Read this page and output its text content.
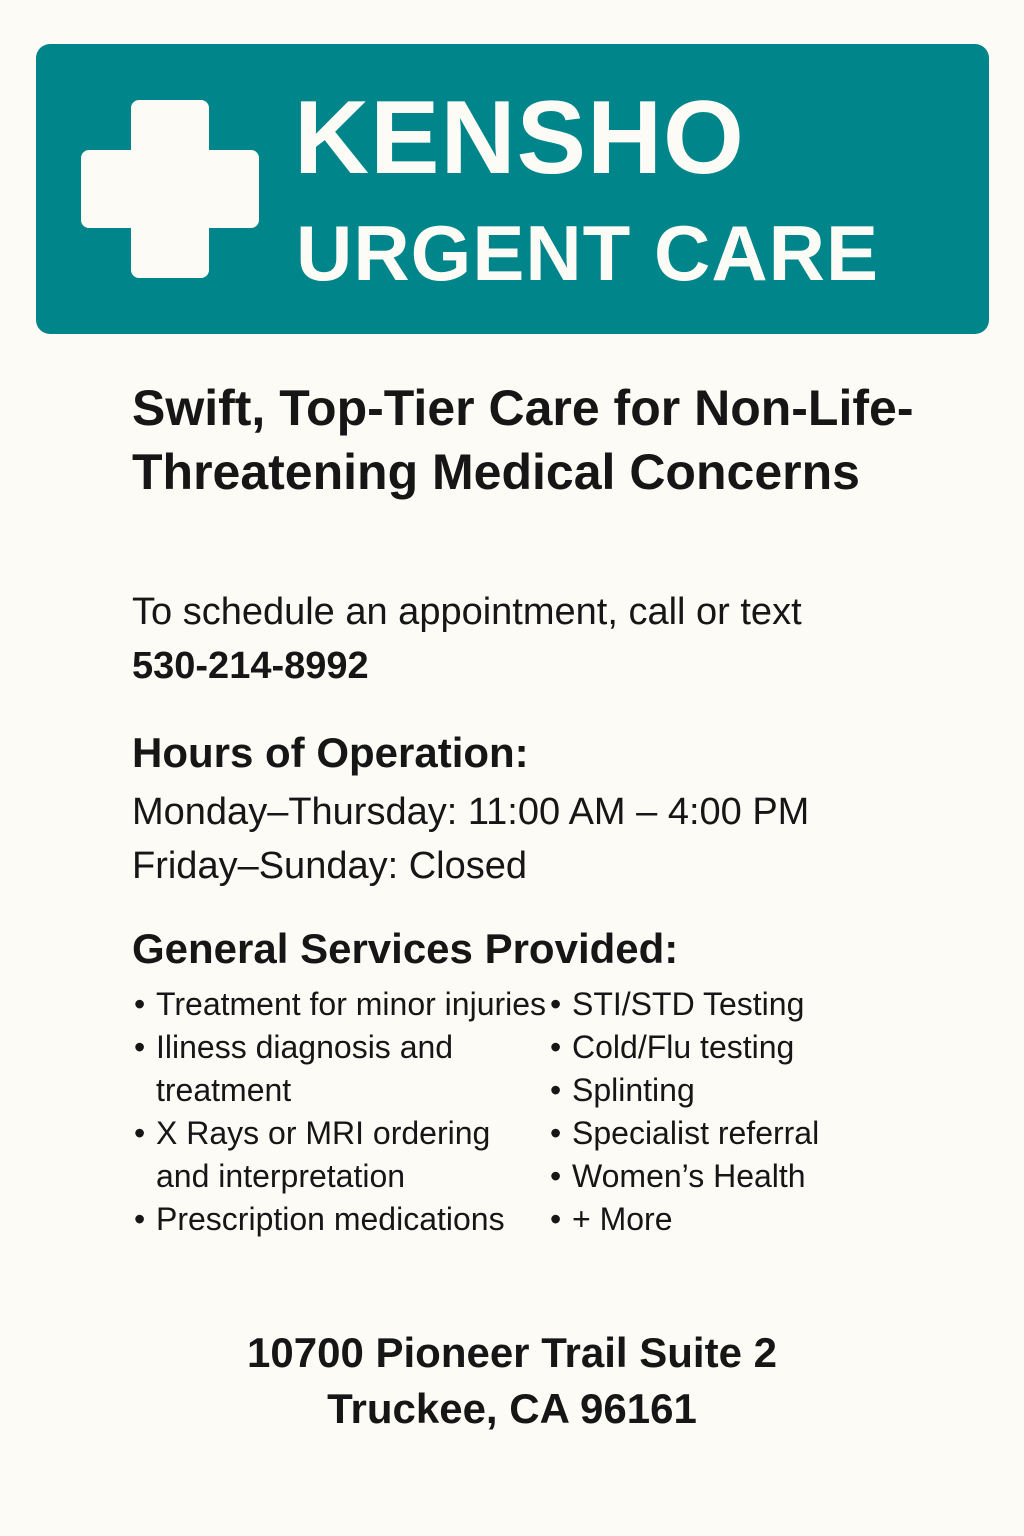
KENSHO
URGENT CARE
Swift, Top-Tier Care for Non-Life-Threatening Medical Concerns
To schedule an appointment, call or text
530-214-8992
Hours of Operation:
Monday–Thursday: 11:00 AM – 4:00 PM
Friday–Sunday: Closed
General Services Provided:
• Treatment for minor injuries
• Iliness diagnosis and treatment
• X Rays or MRI ordering and interpretation
• Prescription medications
• STI/STD Testing
• Cold/Flu testing
• Splinting
• Specialist referral
• Women’s Health
• + More
10700 Pioneer Trail Suite 2
Truckee, CA 96161
